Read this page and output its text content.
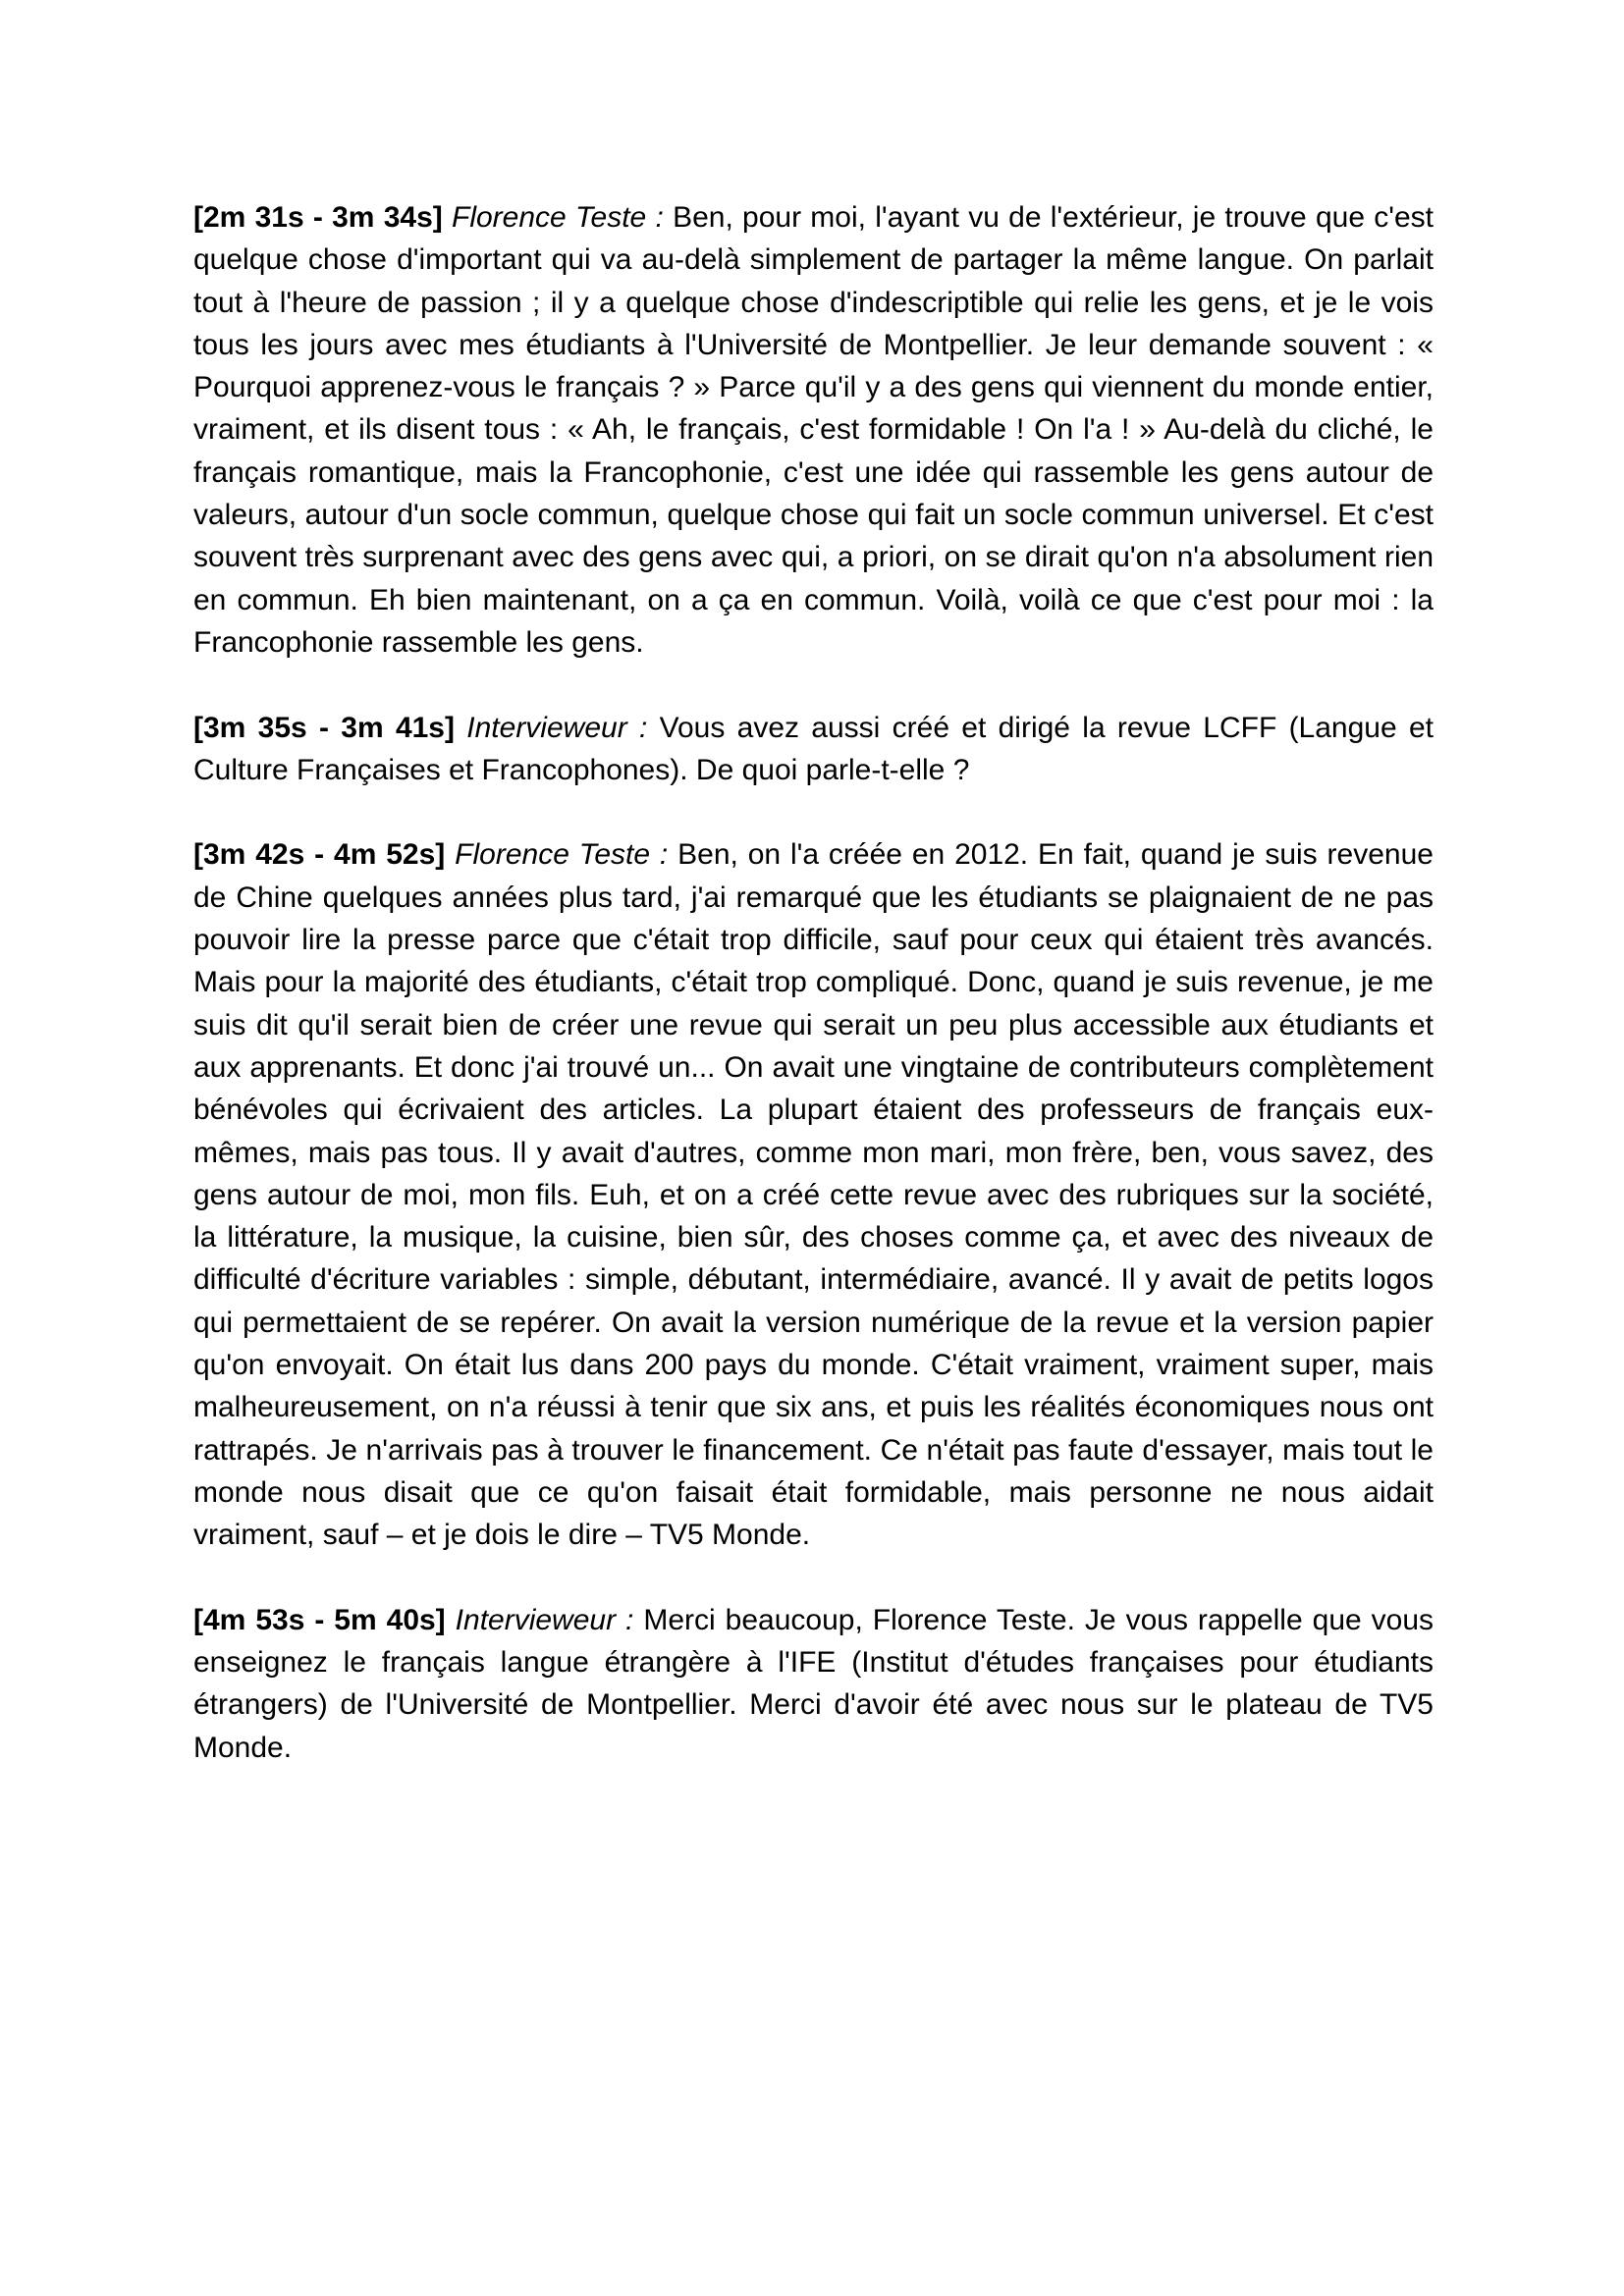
[2m 31s - 3m 34s] Florence Teste : Ben, pour moi, l'ayant vu de l'extérieur, je trouve que c'est quelque chose d'important qui va au-delà simplement de partager la même langue. On parlait tout à l'heure de passion ; il y a quelque chose d'indescriptible qui relie les gens, et je le vois tous les jours avec mes étudiants à l'Université de Montpellier. Je leur demande souvent : « Pourquoi apprenez-vous le français ? » Parce qu'il y a des gens qui viennent du monde entier, vraiment, et ils disent tous : « Ah, le français, c'est formidable ! On l'a ! » Au-delà du cliché, le français romantique, mais la Francophonie, c'est une idée qui rassemble les gens autour de valeurs, autour d'un socle commun, quelque chose qui fait un socle commun universel. Et c'est souvent très surprenant avec des gens avec qui, a priori, on se dirait qu'on n'a absolument rien en commun. Eh bien maintenant, on a ça en commun. Voilà, voilà ce que c'est pour moi : la Francophonie rassemble les gens.

[3m 35s - 3m 41s] Intervieweur : Vous avez aussi créé et dirigé la revue LCFF (Langue et Culture Françaises et Francophones). De quoi parle-t-elle ?

[3m 42s - 4m 52s] Florence Teste : Ben, on l'a créée en 2012. En fait, quand je suis revenue de Chine quelques années plus tard, j'ai remarqué que les étudiants se plaignaient de ne pas pouvoir lire la presse parce que c'était trop difficile, sauf pour ceux qui étaient très avancés. Mais pour la majorité des étudiants, c'était trop compliqué. Donc, quand je suis revenue, je me suis dit qu'il serait bien de créer une revue qui serait un peu plus accessible aux étudiants et aux apprenants. Et donc j'ai trouvé un... On avait une vingtaine de contributeurs complètement bénévoles qui écrivaient des articles. La plupart étaient des professeurs de français eux-mêmes, mais pas tous. Il y avait d'autres, comme mon mari, mon frère, ben, vous savez, des gens autour de moi, mon fils. Euh, et on a créé cette revue avec des rubriques sur la société, la littérature, la musique, la cuisine, bien sûr, des choses comme ça, et avec des niveaux de difficulté d'écriture variables : simple, débutant, intermédiaire, avancé. Il y avait de petits logos qui permettaient de se repérer. On avait la version numérique de la revue et la version papier qu'on envoyait. On était lus dans 200 pays du monde. C'était vraiment, vraiment super, mais malheureusement, on n'a réussi à tenir que six ans, et puis les réalités économiques nous ont rattrapés. Je n'arrivais pas à trouver le financement. Ce n'était pas faute d'essayer, mais tout le monde nous disait que ce qu'on faisait était formidable, mais personne ne nous aidait vraiment, sauf – et je dois le dire – TV5 Monde.

[4m 53s - 5m 40s] Intervieweur : Merci beaucoup, Florence Teste. Je vous rappelle que vous enseignez le français langue étrangère à l'IFE (Institut d'études françaises pour étudiants étrangers) de l'Université de Montpellier. Merci d'avoir été avec nous sur le plateau de TV5 Monde.
